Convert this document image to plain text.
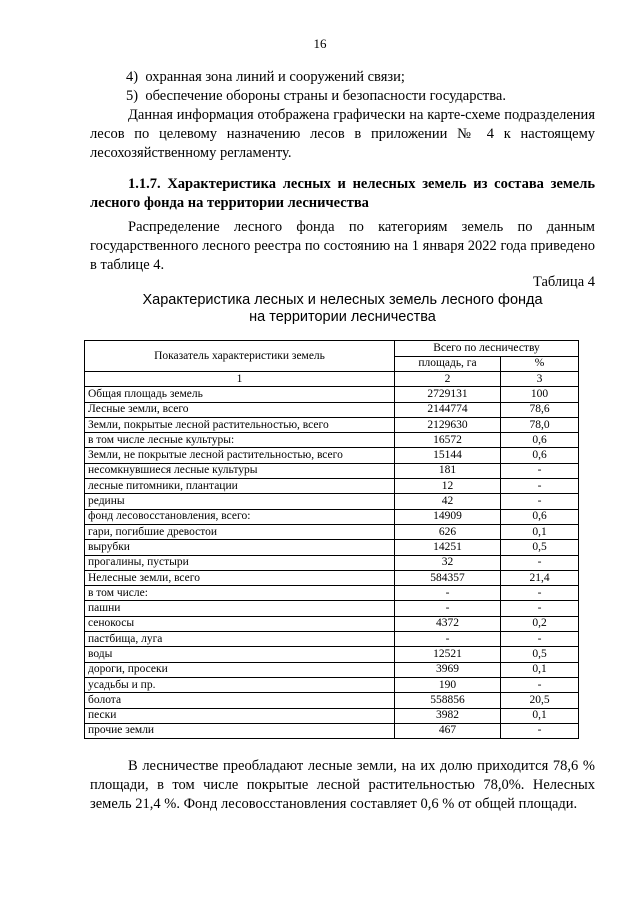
16
4)  охранная зона линий и сооружений связи;
5)  обеспечение обороны страны и безопасности государства.
Данная информация отображена графически на карте-схеме подразделения лесов по целевому назначению лесов в приложении № 4 к настоящему лесохозяйственному регламенту.
1.1.7. Характеристика лесных и нелесных земель из состава земель лесного фонда на территории лесничества
Распределение лесного фонда по категориям земель по данным государственного лесного реестра по состоянию на 1 января 2022 года приведено в таблице 4.
Таблица 4
Характеристика лесных и нелесных земель лесного фонда
на территории лесничества
Показатель характеристики земель	Всего по лесничеству	
	площадь, га	%
1	2	3
Общая площадь земель	2729131	100
Лесные земли, всего	2144774	78,6
Земли, покрытые лесной растительностью, всего	2129630	78,0
в том числе лесные культуры:	16572	0,6
Земли, не покрытые лесной растительностью, всего	15144	0,6
несомкнувшиеся лесные культуры	181	-
лесные питомники, плантации	12	-
редины	42	-
фонд лесовосстановления, всего:	14909	0,6
гари, погибшие древостои	626	0,1
вырубки	14251	0,5
прогалины, пустыри	32	-
Нелесные земли, всего	584357	21,4
в том числе:	-	-
пашни	-	-
сенокосы	4372	0,2
пастбища, луга	-	-
воды	12521	0,5
дороги, просеки	3969	0,1
усадьбы и пр.	190	-
болота	558856	20,5
пески	3982	0,1
прочие земли	467	-
В лесничестве преобладают лесные земли, на их долю приходится 78,6 % площади, в том числе покрытые лесной растительностью 78,0%. Нелесных земель 21,4 %. Фонд лесовосстановления составляет 0,6 % от общей площади.
